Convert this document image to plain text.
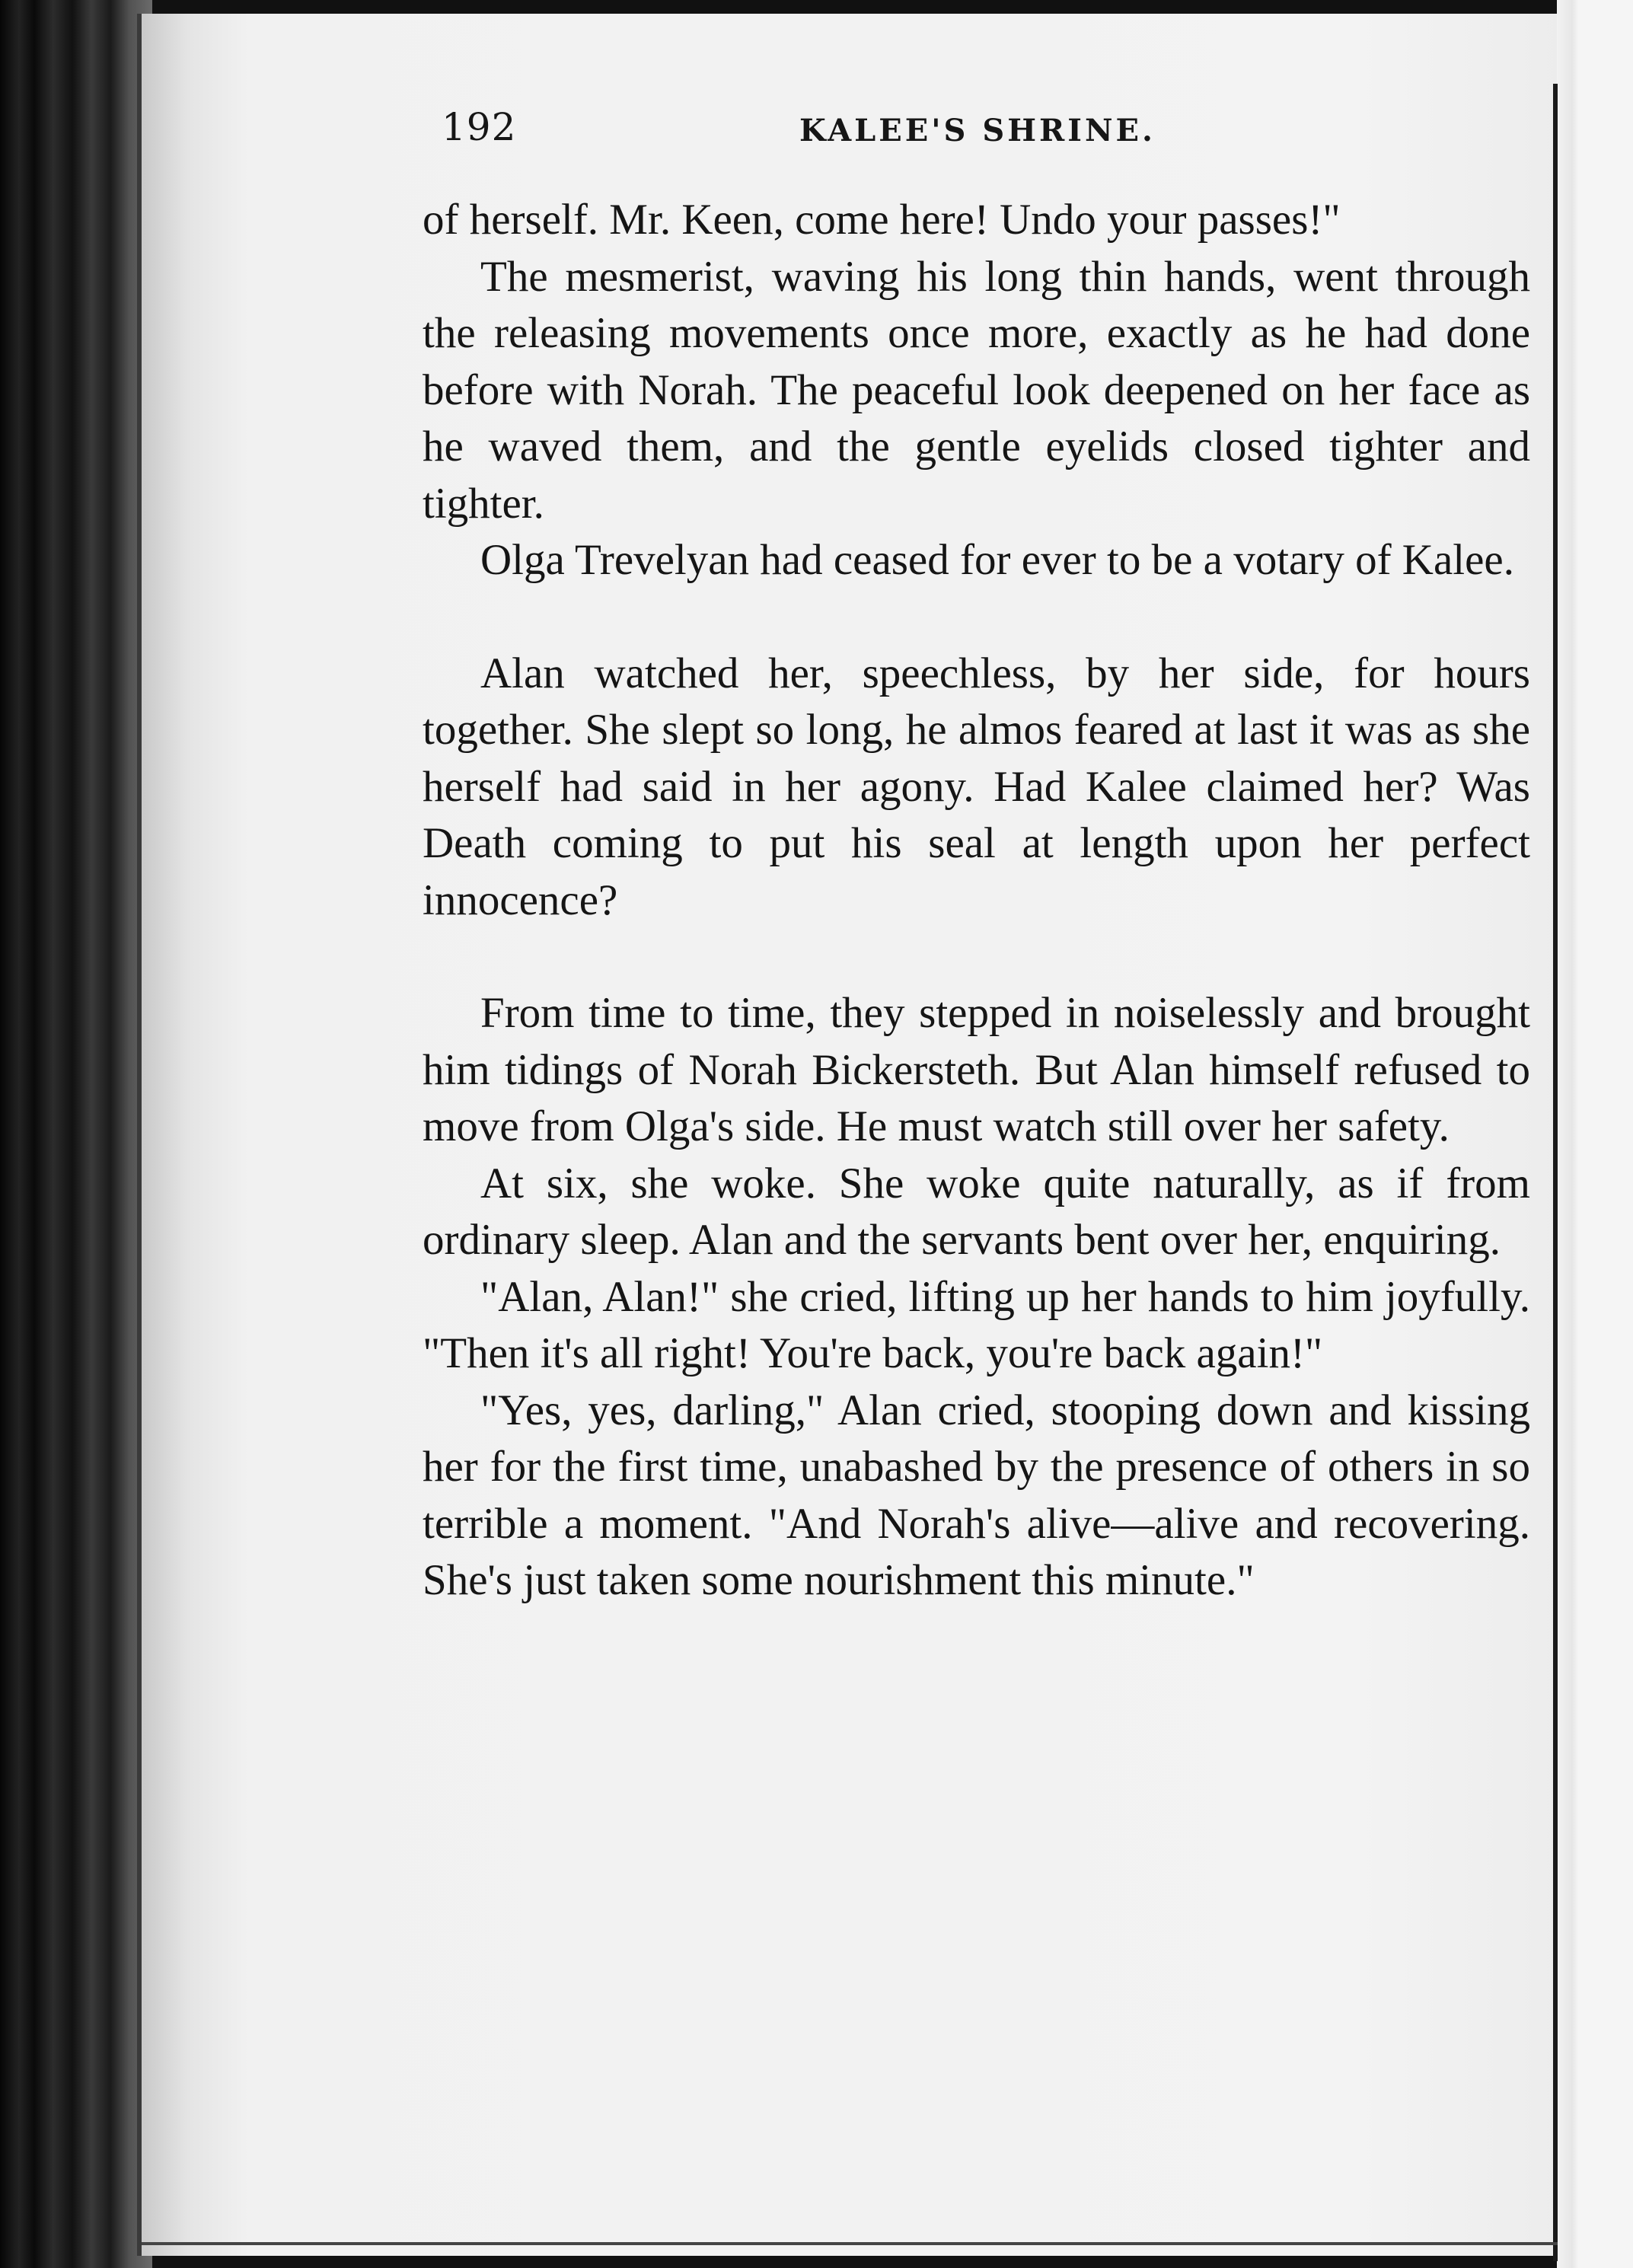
192	KALEE'S SHRINE.

of herself. Mr. Keen, come here! Undo your passes!"

The mesmerist, waving his long thin hands, went through the releasing movements once more, exactly as he had done before with Norah. The peaceful look deepened on her face as he waved them, and the gentle eyelids closed tighter and tighter.

Olga Trevelyan had ceased for ever to be a votary of Kalee.

Alan watched her, speechless, by her side, for hours together. She slept so long, he almos feared at last it was as she herself had said in her agony. Had Kalee claimed her? Was Death coming to put his seal at length upon her perfect innocence?

From time to time, they stepped in noiselessly and brought him tidings of Norah Bickersteth. But Alan himself refused to move from Olga's side. He must watch still over her safety.

At six, she woke. She woke quite naturally, as if from ordinary sleep. Alan and the servants bent over her, enquiring.

"Alan, Alan!" she cried, lifting up her hands to him joyfully. "Then it's all right! You're back, you're back again!"

"Yes, yes, darling," Alan cried, stooping down and kissing her for the first time, unabashed by the presence of others in so terrible a moment. "And Norah's alive—alive and recovering. She's just taken some nourishment this minute."
